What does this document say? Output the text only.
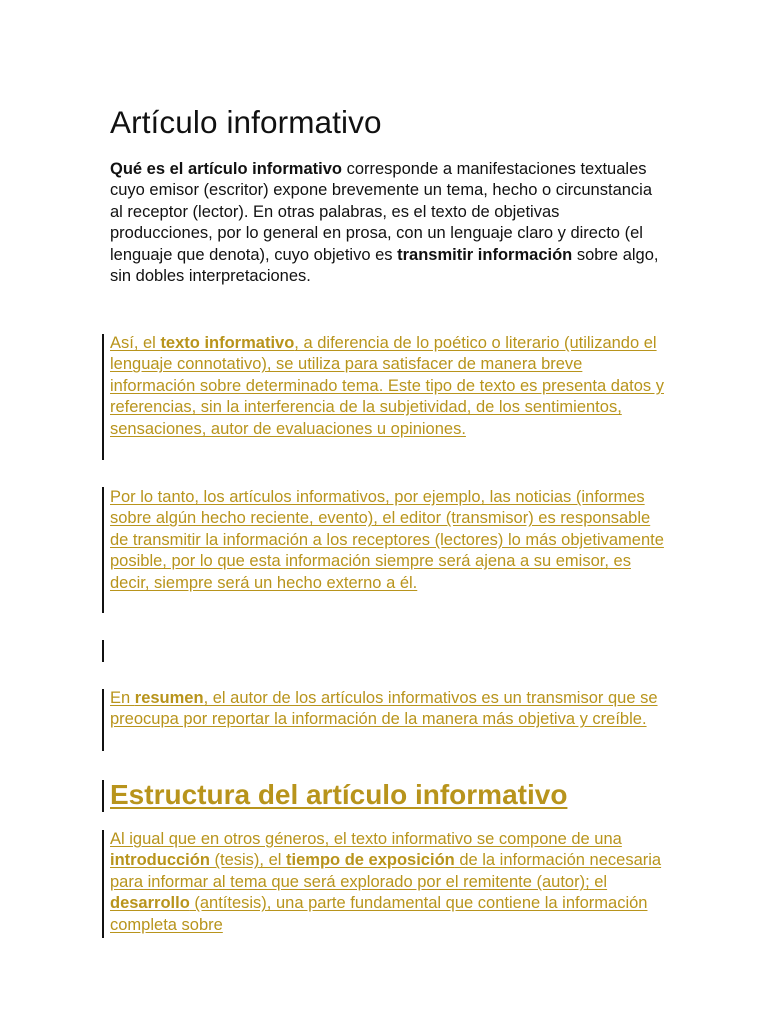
Artículo informativo

Qué es el artículo informativo corresponde a manifestaciones textuales cuyo emisor (escritor) expone brevemente un tema, hecho o circunstancia al receptor (lector). En otras palabras, es el texto de objetivas producciones, por lo general en prosa, con un lenguaje claro y directo (el lenguaje que denota), cuyo objetivo es transmitir información sobre algo, sin dobles interpretaciones.

Así, el texto informativo, a diferencia de lo poético o literario (utilizando el lenguaje connotativo), se utiliza para satisfacer de manera breve información sobre determinado tema. Este tipo de texto es presenta datos y referencias, sin la interferencia de la subjetividad, de los sentimientos, sensaciones, autor de evaluaciones u opiniones.

Por lo tanto, los artículos informativos, por ejemplo, las noticias (informes sobre algún hecho reciente, evento), el editor (transmisor) es responsable de transmitir la información a los receptores (lectores) lo más objetivamente posible, por lo que esta información siempre será ajena a su emisor, es decir, siempre será un hecho externo a él.

En resumen, el autor de los artículos informativos es un transmisor que se preocupa por reportar la información de la manera más objetiva y creíble.

Estructura del artículo informativo

Al igual que en otros géneros, el texto informativo se compone de una introducción (tesis), el tiempo de exposición de la información necesaria para informar al tema que será explorado por el remitente (autor); el desarrollo (antítesis), una parte fundamental que contiene la información completa sobre
